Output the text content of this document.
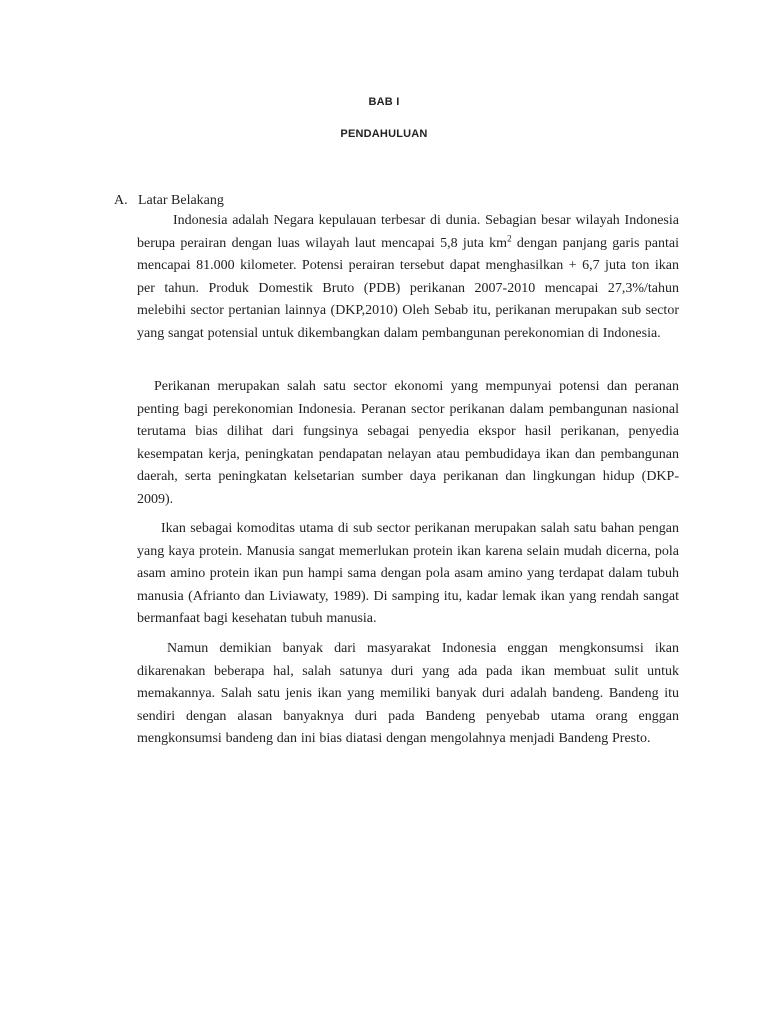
BAB I
PENDAHULUAN
A. Latar Belakang

Indonesia adalah Negara kepulauan terbesar di dunia. Sebagian besar wilayah Indonesia berupa perairan dengan luas wilayah laut mencapai 5,8 juta $km^2$ dengan panjang garis pantai mencapai 81.000 kilometer. Potensi perairan tersebut dapat menghasilkan + 6,7 juta ton ikan per tahun. Produk Domestik Bruto (PDB) perikanan 2007-2010 mencapai 27,3%/tahun melebihi sector pertanian lainnya (DKP,2010) Oleh Sebab itu, perikanan merupakan sub sector yang sangat potensial untuk dikembangkan dalam pembangunan perekonomian di Indonesia.

Perikanan merupakan salah satu sector ekonomi yang mempunyai potensi dan peranan penting bagi perekonomian Indonesia. Peranan sector perikanan dalam pembangunan nasional terutama bias dilihat dari fungsinya sebagai penyedia ekspor hasil perikanan, penyedia kesempatan kerja, peningkatan pendapatan nelayan atau pembudidaya ikan dan pembangunan daerah, serta peningkatan kelsetarian sumber daya perikanan dan lingkungan hidup (DKP-2009).

Ikan sebagai komoditas utama di sub sector perikanan merupakan salah satu bahan pengan yang kaya protein. Manusia sangat memerlukan protein ikan karena selain mudah dicerna, pola asam amino protein ikan pun hampi sama dengan pola asam amino yang terdapat dalam tubuh manusia (Afrianto dan Liviawaty, 1989). Di samping itu, kadar lemak ikan yang rendah sangat bermanfaat bagi kesehatan tubuh manusia.

Namun demikian banyak dari masyarakat Indonesia enggan mengkonsumsi ikan dikarenakan beberapa hal, salah satunya duri yang ada pada ikan membuat sulit untuk memakannya. Salah satu jenis ikan yang memiliki banyak duri adalah bandeng. Bandeng itu sendiri dengan alasan banyaknya duri pada Bandeng penyebab utama orang enggan mengkonsumsi bandeng dan ini bias diatasi dengan mengolahnya menjadi Bandeng Presto.
